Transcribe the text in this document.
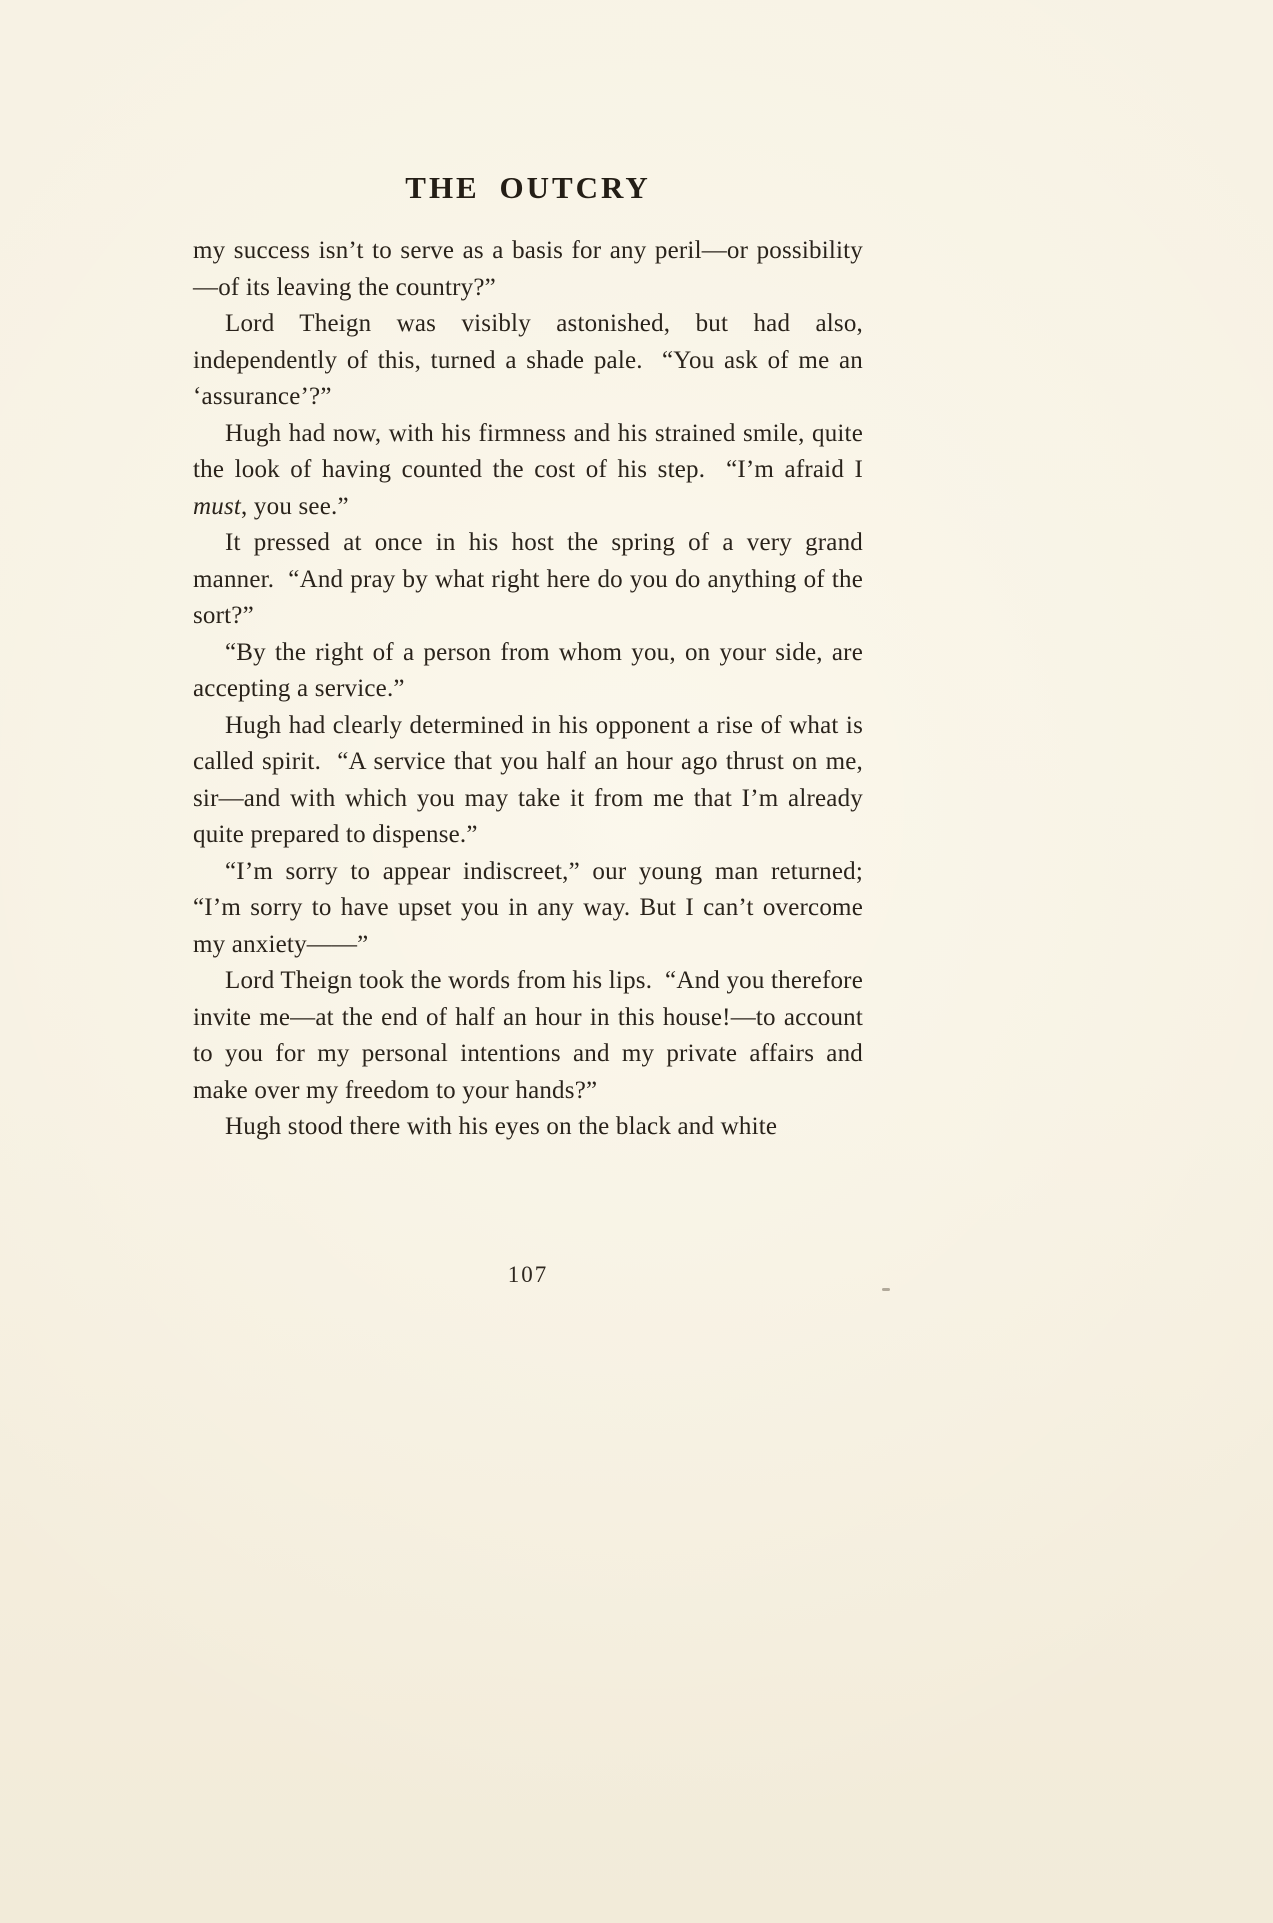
THE OUTCRY

my success isn’t to serve as a basis for any peril—or possibility—of its leaving the country?”

Lord Theign was visibly astonished, but had also, independently of this, turned a shade pale.  “You ask of me an ‘assurance’?”

Hugh had now, with his firmness and his strained smile, quite the look of having counted the cost of his step.  “I’m afraid I must, you see.”

It pressed at once in his host the spring of a very grand manner.  “And pray by what right here do you do anything of the sort?”

“By the right of a person from whom you, on your side, are accepting a service.”

Hugh had clearly determined in his opponent a rise of what is called spirit.  “A service that you half an hour ago thrust on me, sir—and with which you may take it from me that I’m already quite prepared to dispense.”

“I’m sorry to appear indiscreet,” our young man returned; “I’m sorry to have upset you in any way. But I can’t overcome my anxiety——”

Lord Theign took the words from his lips.  “And you therefore invite me—at the end of half an hour in this house!—to account to you for my personal intentions and my private affairs and make over my freedom to your hands?”

Hugh stood there with his eyes on the black and white

107
